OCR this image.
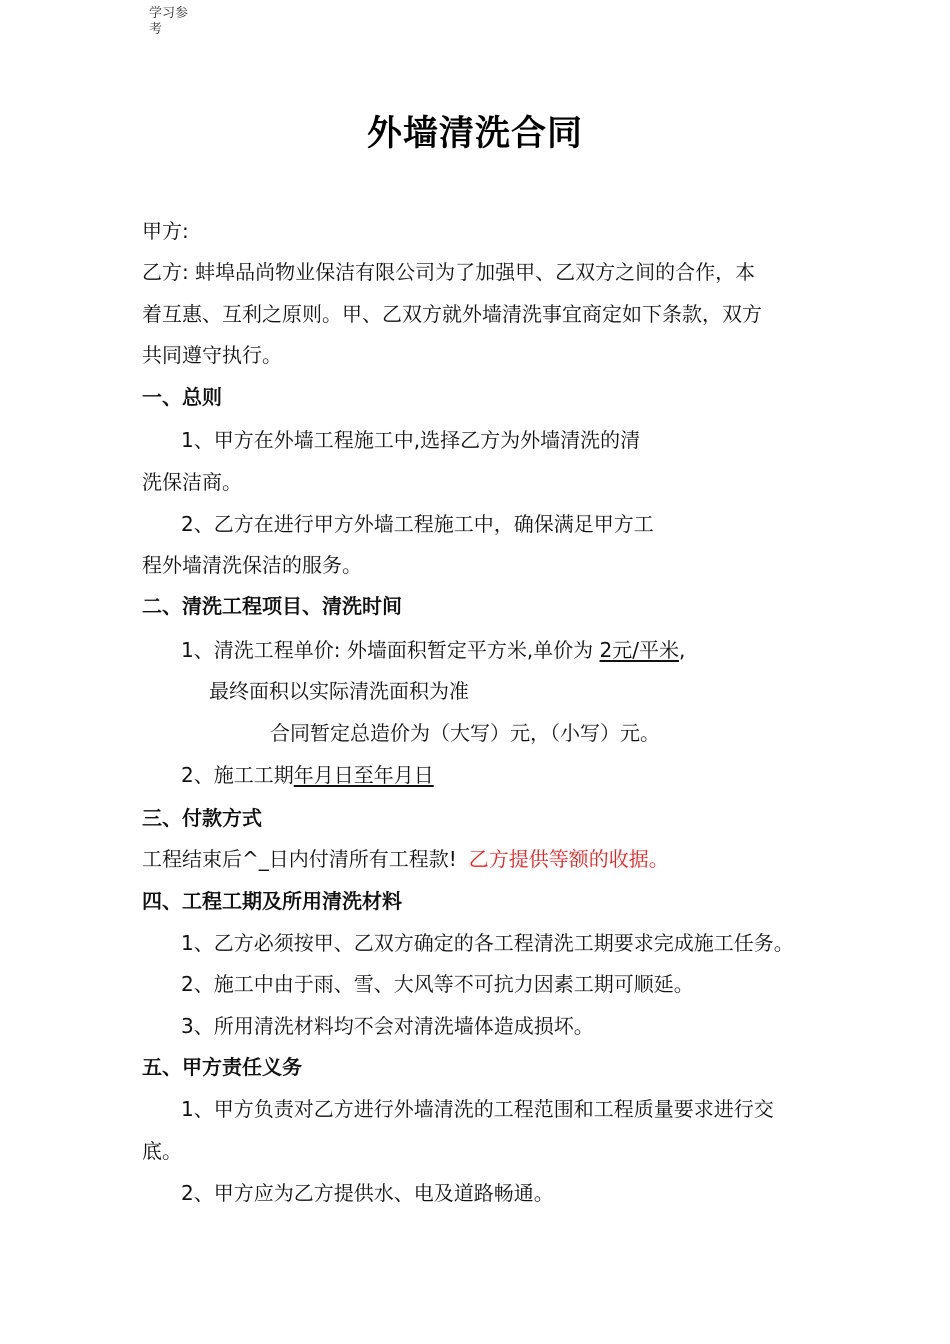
学习参
考
外墙清洗合同
甲方:
乙方: 蚌埠品尚物业保洁有限公司为了加强甲、乙双方之间的合作，本
着互惠、互利之原则。甲、乙双方就外墙清洗事宜商定如下条款，双方
共同遵守执行。
一、总则
1、甲方在外墙工程施工中,选择乙方为外墙清洗的清
洗保洁商。
2、乙方在进行甲方外墙工程施工中，确保满足甲方工
程外墙清洗保洁的服务。
二、清洗工程项目、清洗时间
1、清洗工程单价: 外墙面积暂定平方米,单价为 2元/平米,
最终面积以实际清洗面积为准
合同暂定总造价为（大写）元，（小写）元。
2、施工工期年月日至年月日
三、付款方式
工程结束后^_日内付清所有工程款! 乙方提供等额的收据。
四、工程工期及所用清洗材料
1、乙方必须按甲、乙双方确定的各工程清洗工期要求完成施工任务。
2、施工中由于雨、雪、大风等不可抗力因素工期可顺延。
3、所用清洗材料均不会对清洗墙体造成损坏。
五、甲方责任义务
1、甲方负责对乙方进行外墙清洗的工程范围和工程质量要求进行交
底。
2、甲方应为乙方提供水、电及道路畅通。
